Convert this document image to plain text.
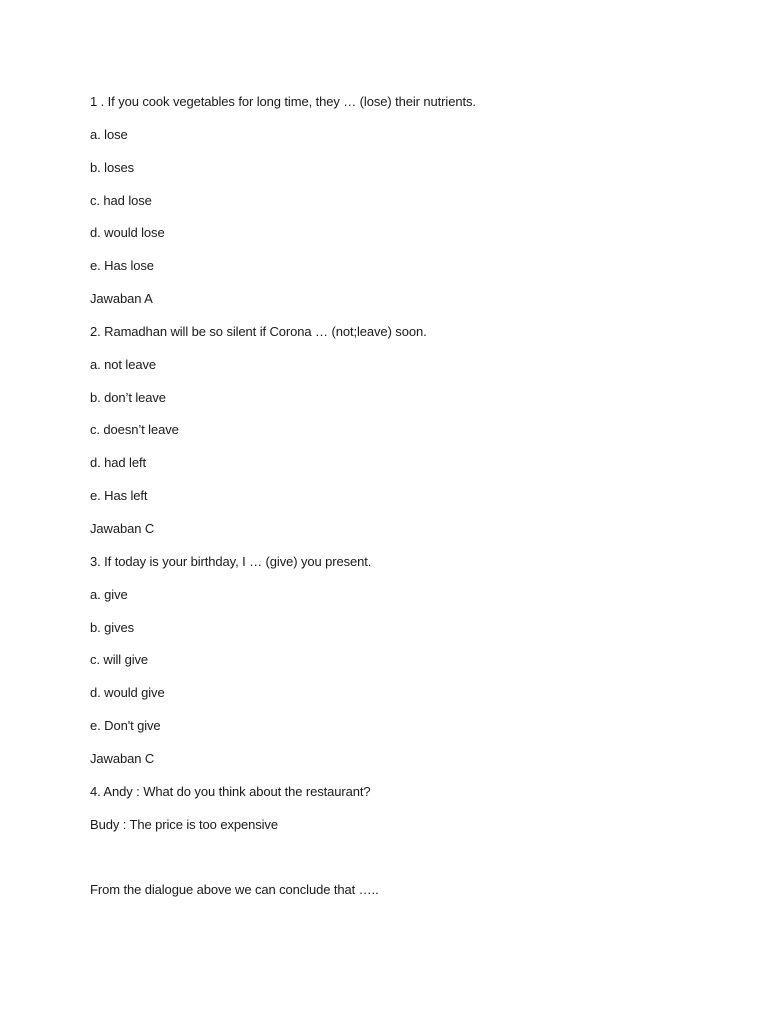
1 . If you cook vegetables for long time, they … (lose) their nutrients.
a. lose
b. loses
c. had lose
d. would lose
e. Has lose
Jawaban A
2. Ramadhan will be so silent if Corona … (not;leave) soon.
a. not leave
b. don’t leave
c. doesn’t leave
d. had left
e. Has left
Jawaban C
3. If today is your birthday, I … (give) you present.
a. give
b. gives
c. will give
d. would give
e. Don't give
Jawaban C
4. Andy : What do you think about the restaurant?
Budy : The price is too expensive
From the dialogue above we can conclude that …..
